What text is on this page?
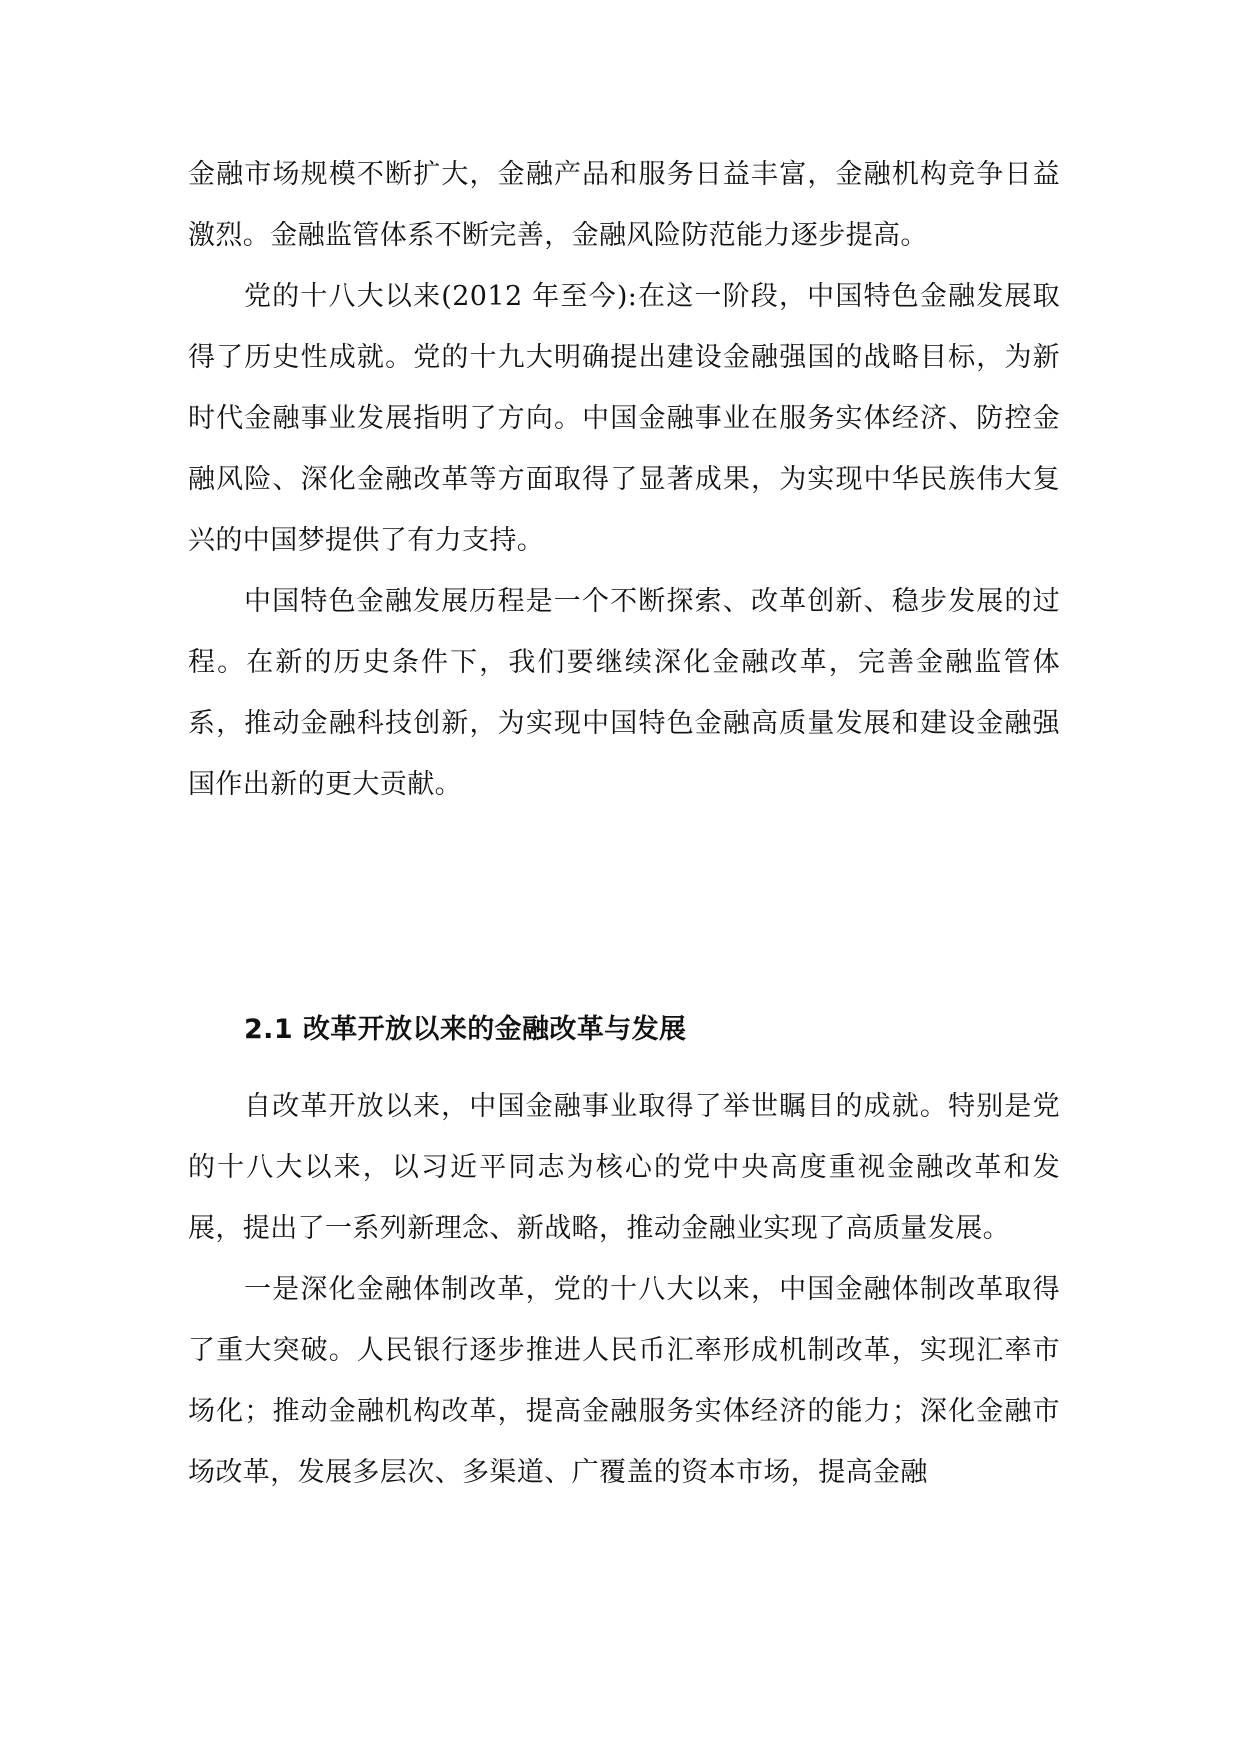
金融市场规模不断扩大，金融产品和服务日益丰富，金融机构竞争日益激烈。金融监管体系不断完善，金融风险防范能力逐步提高。

党的十八大以来(2012 年至今):在这一阶段，中国特色金融发展取得了历史性成就。党的十九大明确提出建设金融强国的战略目标，为新时代金融事业发展指明了方向。中国金融事业在服务实体经济、防控金融风险、深化金融改革等方面取得了显著成果，为实现中华民族伟大复兴的中国梦提供了有力支持。

中国特色金融发展历程是一个不断探索、改革创新、稳步发展的过程。在新的历史条件下，我们要继续深化金融改革，完善金融监管体系，推动金融科技创新，为实现中国特色金融高质量发展和建设金融强国作出新的更大贡献。

2.1 改革开放以来的金融改革与发展

自改革开放以来，中国金融事业取得了举世瞩目的成就。特别是党的十八大以来，以习近平同志为核心的党中央高度重视金融改革和发展，提出了一系列新理念、新战略，推动金融业实现了高质量发展。

一是深化金融体制改革，党的十八大以来，中国金融体制改革取得了重大突破。人民银行逐步推进人民币汇率形成机制改革，实现汇率市场化；推动金融机构改革，提高金融服务实体经济的能力；深化金融市场改革，发展多层次、多渠道、广覆盖的资本市场，提高金融
